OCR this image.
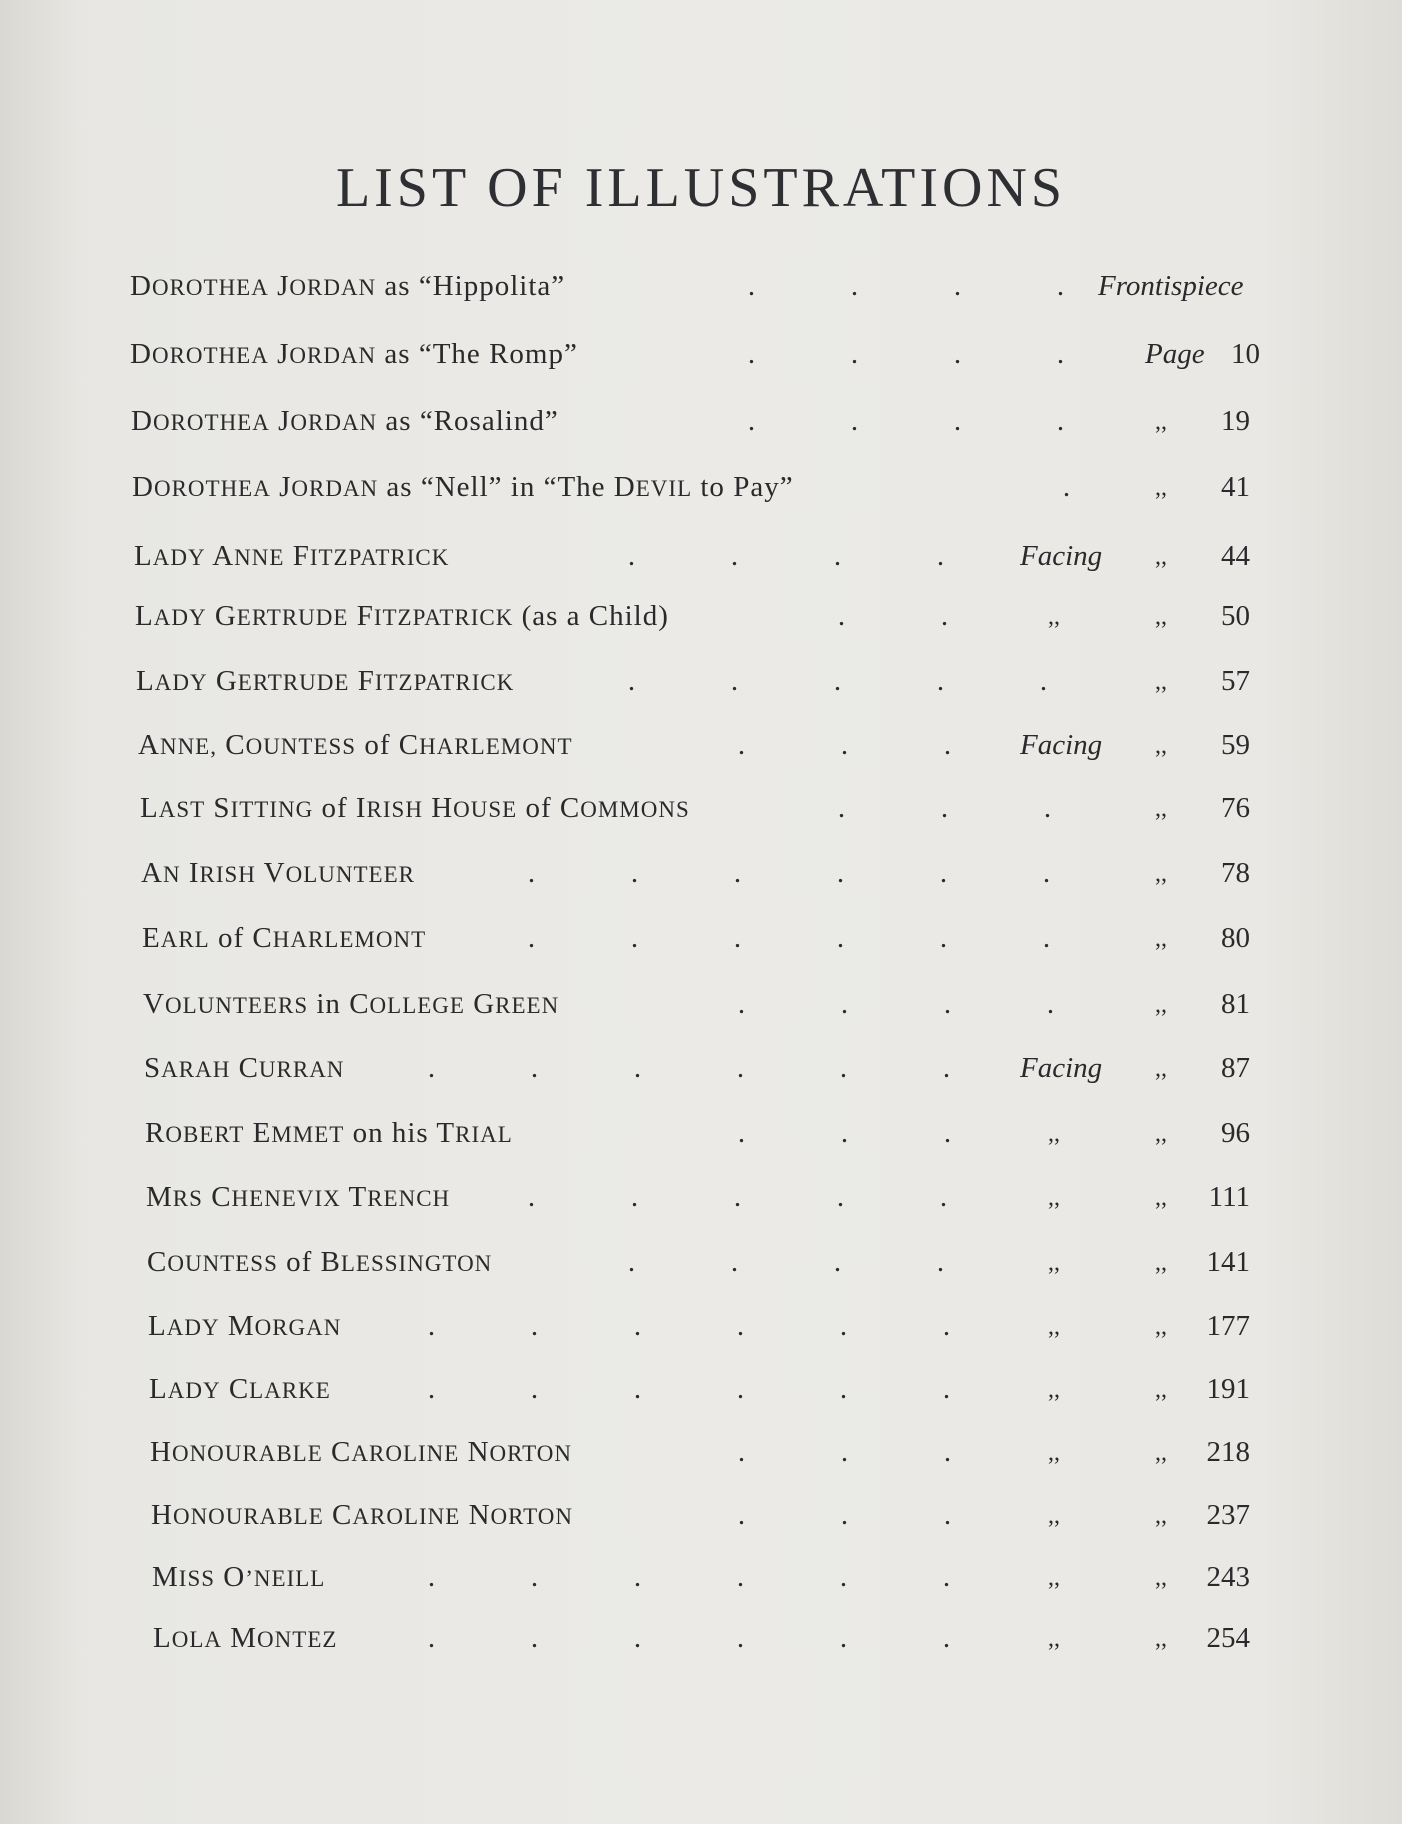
LIST OF ILLUSTRATIONS
DOROTHEA JORDAN as “Hippolita”	.	.	.	.	Frontispiece
DOROTHEA JORDAN as “The Romp”	.	.	.	.	Page 10
DOROTHEA JORDAN as “Rosalind”	.	.	.	.	,,	19
DOROTHEA JORDAN as “Nell” in “The DEVIL to Pay”	.	,,	41
LADY ANNE FITZPATRICK	.	.	.	.	Facing ,,	44
LADY GERTRUDE FITZPATRICK (as a Child)	.	.	,,	,,	50
LADY GERTRUDE FITZPATRICK	.	.	.	.	.	,,	57
ANNE, COUNTESS of CHARLEMONT	.	.	.	Facing ,,	59
LAST SITTING of IRISH HOUSE of COMMONS	.	.	.	,,	76
AN IRISH VOLUNTEER	.	.	.	.	.	.	,,	78
EARL of CHARLEMONT	.	.	.	.	.	.	,,	80
VOLUNTEERS in COLLEGE GREEN	.	.	.	.	,,	81
SARAH CURRAN	.	.	.	.	.	.	Facing ,,	87
ROBERT EMMET on his TRIAL	.	.	.	,,	,,	96
MRS CHENEVIX TRENCH	.	.	.	.	.	,,	,,	111
COUNTESS of BLESSINGTON	.	.	.	.	,,	,,	141
LADY MORGAN	.	.	.	.	.	.	,,	,,	177
LADY CLARKE	.	.	.	.	.	.	,,	,,	191
HONOURABLE CAROLINE NORTON	.	.	.	,,	,,	218
HONOURABLE CAROLINE NORTON	.	.	.	,,	,,	237
MISS O’NEILL	.	.	.	.	.	.	,,	,,	243
LOLA MONTEZ	.	.	.	.	.	.	,,	,,	254
